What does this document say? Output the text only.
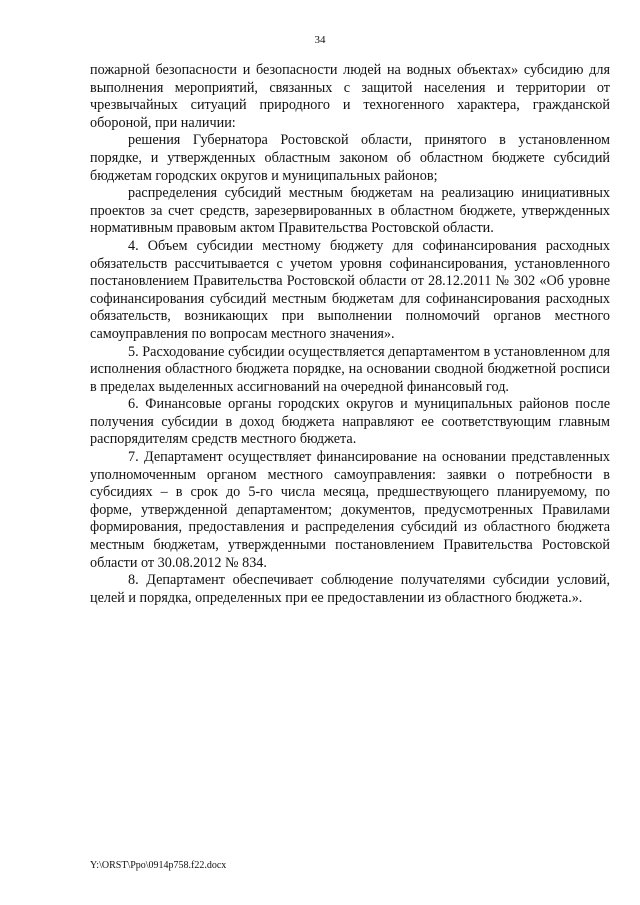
34

пожарной безопасности и безопасности людей на водных объектах» субсидию для выполнения мероприятий, связанных с защитой населения и территории от чрезвычайных ситуаций природного и техногенного характера, гражданской обороной, при наличии:

решения Губернатора Ростовской области, принятого в установленном порядке, и утвержденных областным законом об областном бюджете субсидий бюджетам городских округов и муниципальных районов;

распределения субсидий местным бюджетам на реализацию инициативных проектов за счет средств, зарезервированных в областном бюджете, утвержденных нормативным правовым актом Правительства Ростовской области.

4. Объем субсидии местному бюджету для софинансирования расходных обязательств рассчитывается с учетом уровня софинансирования, установленного постановлением Правительства Ростовской области от 28.12.2011 № 302 «Об уровне софинансирования субсидий местным бюджетам для софинансирования расходных обязательств, возникающих при выполнении полномочий органов местного самоуправления по вопросам местного значения».

5. Расходование субсидии осуществляется департаментом в установленном для исполнения областного бюджета порядке, на основании сводной бюджетной росписи в пределах выделенных ассигнований на очередной финансовый год.

6. Финансовые органы городских округов и муниципальных районов после получения субсидии в доход бюджета направляют ее соответствующим главным распорядителям средств местного бюджета.

7. Департамент осуществляет финансирование на основании представленных уполномоченным органом местного самоуправления: заявки о потребности в субсидиях – в срок до 5-го числа месяца, предшествующего планируемому, по форме, утвержденной департаментом; документов, предусмотренных Правилами формирования, предоставления и распределения субсидий из областного бюджета местным бюджетам, утвержденными постановлением Правительства Ростовской области от 30.08.2012 № 834.

8. Департамент обеспечивает соблюдение получателями субсидии условий, целей и порядка, определенных при ее предоставлении из областного бюджета.».

Y:\ORST\Ppo\0914p758.f22.docx
